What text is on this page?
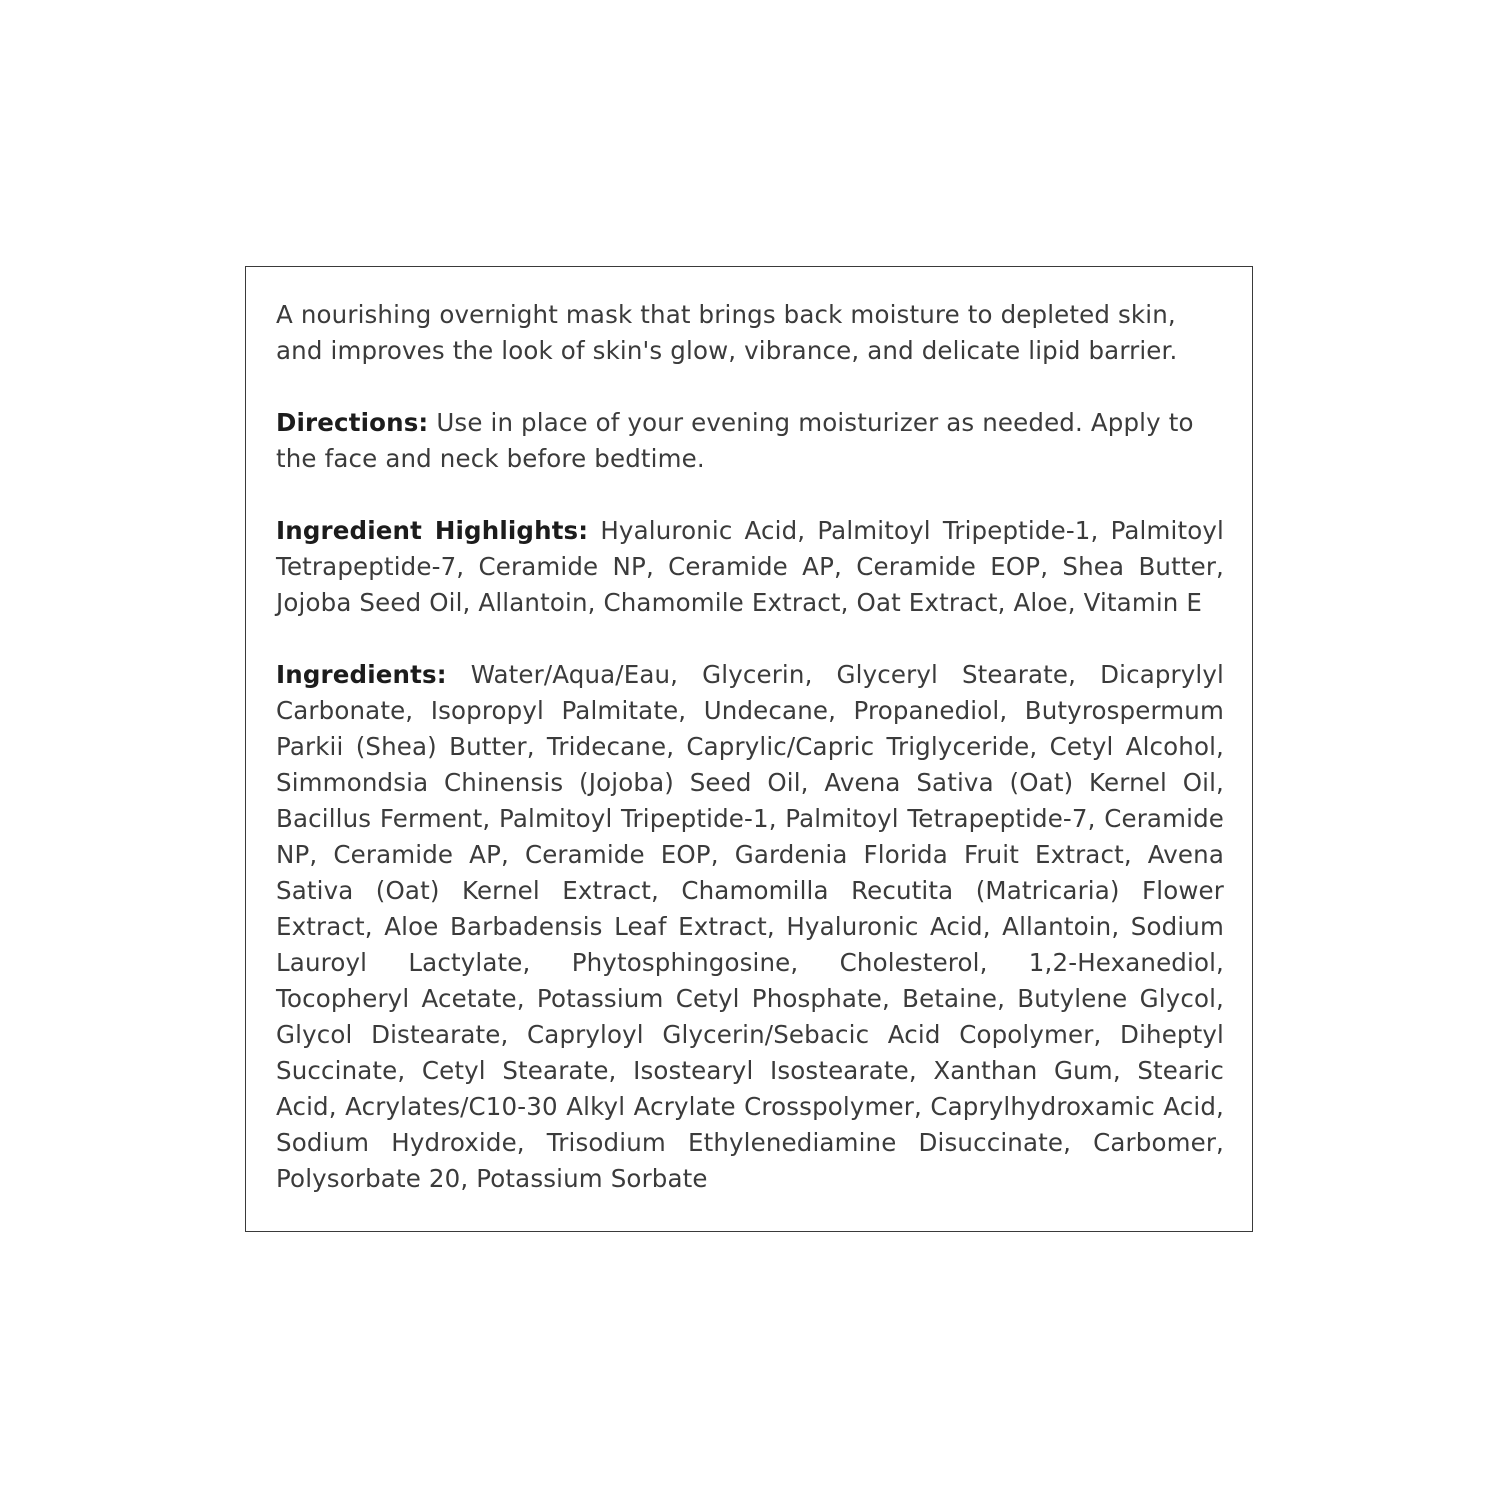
A nourishing overnight mask that brings back moisture to depleted skin, and improves the look of skin's glow, vibrance, and delicate lipid barrier.

Directions: Use in place of your evening moisturizer as needed. Apply to the face and neck before bedtime.

Ingredient Highlights: Hyaluronic Acid, Palmitoyl Tripeptide-1, Palmitoyl Tetrapeptide-7, Ceramide NP, Ceramide AP, Ceramide EOP, Shea Butter, Jojoba Seed Oil, Allantoin, Chamomile Extract, Oat Extract, Aloe, Vitamin E

Ingredients: Water/Aqua/Eau, Glycerin, Glyceryl Stearate, Dicaprylyl Carbonate, Isopropyl Palmitate, Undecane, Propanediol, Butyrospermum Parkii (Shea) Butter, Tridecane, Caprylic/Capric Triglyceride, Cetyl Alcohol, Simmondsia Chinensis (Jojoba) Seed Oil, Avena Sativa (Oat) Kernel Oil, Bacillus Ferment, Palmitoyl Tripeptide-1, Palmitoyl Tetrapeptide-7, Ceramide NP, Ceramide AP, Ceramide EOP, Gardenia Florida Fruit Extract, Avena Sativa (Oat) Kernel Extract, Chamomilla Recutita (Matricaria) Flower Extract, Aloe Barbadensis Leaf Extract, Hyaluronic Acid, Allantoin, Sodium Lauroyl Lactylate, Phytosphingosine, Cholesterol, 1,2-Hexanediol, Tocopheryl Acetate, Potassium Cetyl Phosphate, Betaine, Butylene Glycol, Glycol Distearate, Capryloyl Glycerin/Sebacic Acid Copolymer, Diheptyl Succinate, Cetyl Stearate, Isostearyl Isostearate, Xanthan Gum, Stearic Acid, Acrylates/C10-30 Alkyl Acrylate Crosspolymer, Caprylhydroxamic Acid, Sodium Hydroxide, Trisodium Ethylenediamine Disuccinate, Carbomer, Polysorbate 20, Potassium Sorbate
